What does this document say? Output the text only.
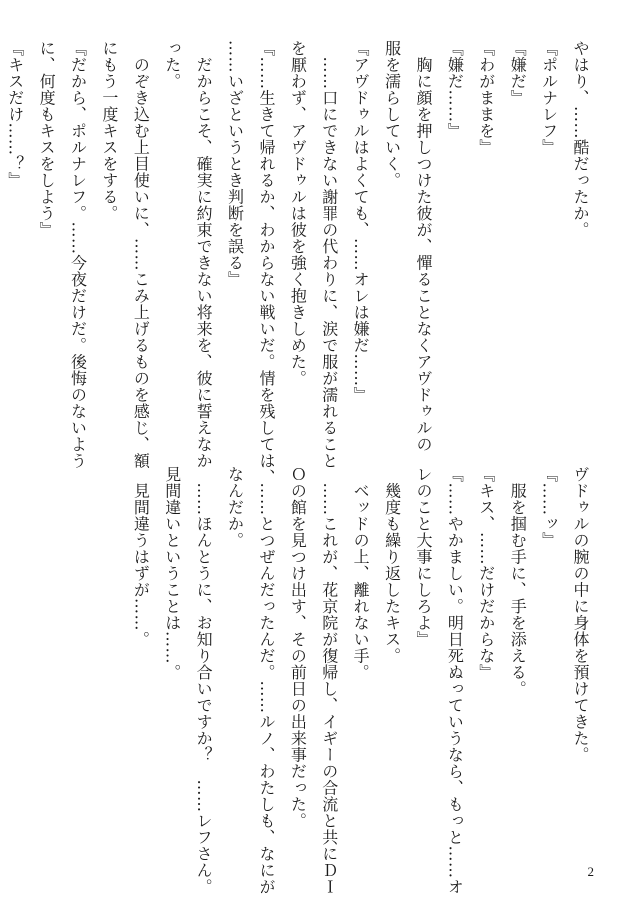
やはり、……酷だったか。
『ポルナレフ』
『嫌だ』
『わがままを』
『嫌だ……』
　胸に顔を押しつけた彼が、憚ることなくアヴドゥルの
服を濡らしていく。
『アヴドゥルはよくても、……オレは嫌だ……』
　……口にできない謝罪の代わりに、涙で服が濡れること
を厭わず、アヴドゥルは彼を強く抱きしめた。
『……生きて帰れるか、わからない戦いだ。情を残しては、
……いざというとき判断を誤る』
　だからこそ、確実に約束できない将来を、彼に誓えなか
った。
　のぞき込む上目使いに、……こみ上げるものを感じ、額
にもう一度キスをする。
『だから、ポルナレフ。……今夜だけだ。後悔のないよう
に、何度もキスをしよう』
『キスだけ……？』
ヴドゥルの腕の中に身体を預けてきた。
『……ッ』
　服を掴む手に、手を添える。
『キス、……だけだからな』
『……やかましい。明日死ぬっていうなら、もっと……オ
レのこと大事にしろよ』
　幾度も繰り返したキス。
　ベッドの上、離れない手。
　……これが、花京院が復帰し、イギーの合流と共にＤＩ
Ｏの館を見つけ出す、その前日の出来事だった。
　……とつぜんだったんだ。……ルノ、わたしも、なにが
なんだか。
　……ほんとうに、お知り合いですか？　……レフさん。
見間違いということは……。
　見間違うはずが……。
2
